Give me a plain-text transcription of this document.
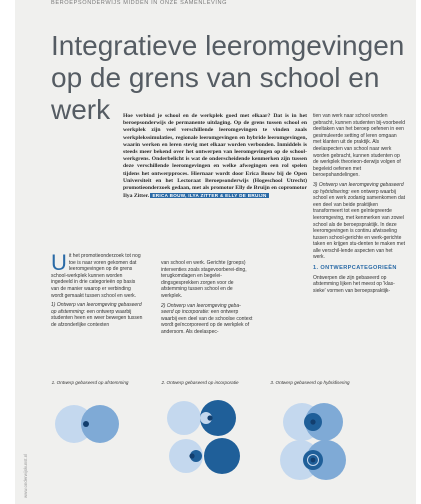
BEROEPSONDERWIJS MIDDEN IN ONZE SAMENLEVING
Integratieve leeromgevingen
op de grens van school en werk	Hoe verbind je school en de werkplek goed met elkaar? Dat is in het beroepsonderwijs de permanente uitdaging. Op de grens tussen school en werkplek zijn veel verschillende leeromgevingen te vinden zoals werkplekssimulaties, regionale leeromgevingen en hybride leeromgevingen, waarin werken en leren stevig met elkaar worden verbonden. Inmiddels is steeds meer bekend over het ontwerpen van leeromgevingen op de school-werkgrens. Onderbelicht is wat de onderscheidende kenmerken zijn tussen deze verschillende leeromgevingen en welke afwegingen een rol spelen tijdens het ontwerpproces. Hiernaar wordt door Erica Bouw bij de Open Universiteit en het Lectoraat Beroepsonderwijs (Hogeschool Utrecht) promotieonderzoek gedaan, met als promotor Elly de Bruijn en copromotor Ilya Zitter. ERICA BOUW, ILYA ZITTER & ELLY DE BRUIJN

tien van werk naar school worden gebracht, kunnen studenten bij-voorbeeld deeltaken van het beroep oefenen in een gesimuleerde setting of leren omgaan met klanten uit de praktijk. Als deelaspecten van school naar werk worden gebracht, kunnen studenten op de werkplek theorieon-derwijs volgen of begeleid oefenen met beroepshandelingen.

3) Ontwerp van leeromgeving gebaseerd op hybridisering: een ontwerp waarbij school en werk zodanig samenkomen dat een deel van beide praktijken transformeert tot een geïntegreerde leeromgeving, met kenmerken van zowel school als de beroepspraktijk. In deze leeromgevingen is continu afwisseling tussen school-gerichte en werk-gerichte taken en krijgen stu-denten te maken met alle verschil-lende aspecten van het werk.

1. ONTWERPCATEGORIEËN

Ontwerpen die zijn gebaseerd op afstemming lijken het meest op 'klas-sieke' vormen van beroepspraktijk-

Uit het promotieonderzoek tot nog toe is naar voren gekomen dat leeromgevingen op de grens school-werkplek kunnen worden ingedeeld in drie categorieën op basis van de manier waarop er verbinding wordt gemaakt tussen school en werk.

1) Ontwerp van leeromgeving gebaseerd op afstemming: een ontwerp waarbij studenten heen en weer bewegen tussen de afzonderlijke contexten

van school en werk. Gerichte (groeps) interventies zoals stagevoorberei-ding, terugkomdagen en begelei-dingsgesprekken zorgen voor de afstemming tussen school en de werkplek.

2) Ontwerp van leeromgeving geba-seerd op incorporatie: een ontwerp waarbij een deel van de schoolse context wordt geïncorporeerd op de werkplek of andersom. Als deelaspec-

1. Ontwerp gebaseerd op afstemming	2. Ontwerp gebaseerd op incorporatie	3. Ontwerp gebaseerd op hybridisering
www.onderwijskunst.nl
